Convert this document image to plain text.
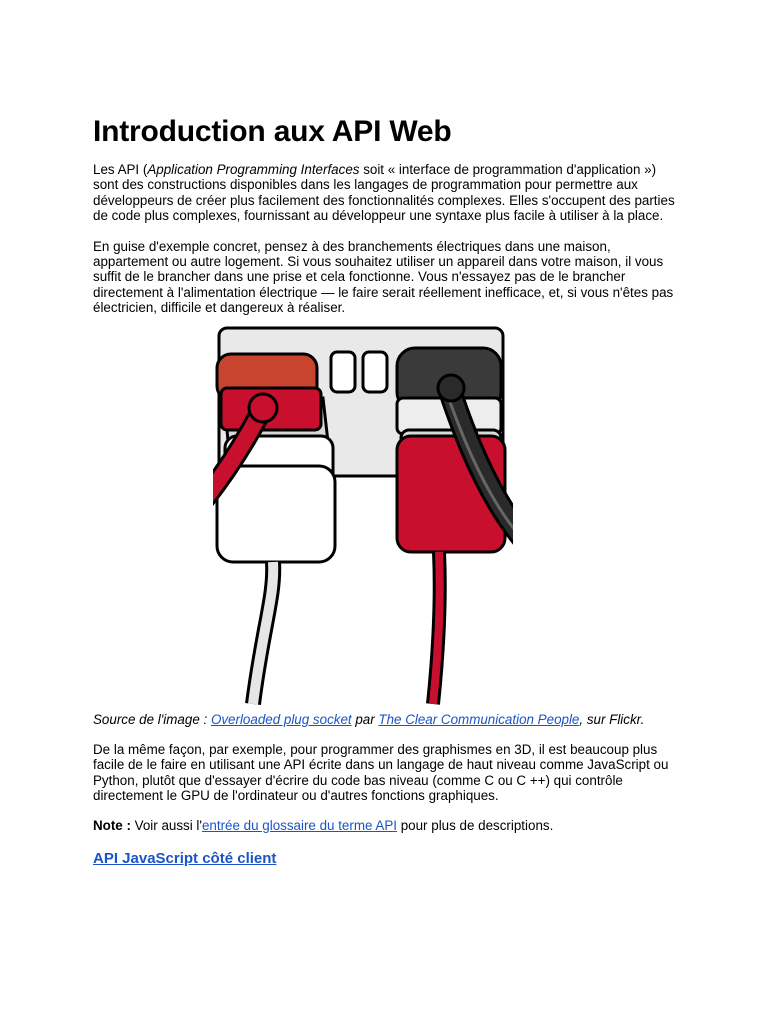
Introduction aux API Web

Les API (Application Programming Interfaces soit « interface de programmation d'application ») sont des constructions disponibles dans les langages de programmation pour permettre aux développeurs de créer plus facilement des fonctionnalités complexes. Elles s'occupent des parties de code plus complexes, fournissant au développeur une syntaxe plus facile à utiliser à la place.

En guise d'exemple concret, pensez à des branchements électriques dans une maison, appartement ou autre logement. Si vous souhaitez utiliser un appareil dans votre maison, il vous suffit de le brancher dans une prise et cela fonctionne. Vous n'essayez pas de le brancher directement à l'alimentation électrique — le faire serait réellement inefficace, et, si vous n'êtes pas électricien, difficile et dangereux à réaliser.

Source de l'image : Overloaded plug socket par The Clear Communication People, sur Flickr.

De la même façon, par exemple, pour programmer des graphismes en 3D, il est beaucoup plus facile de le faire en utilisant une API écrite dans un langage de haut niveau comme JavaScript ou Python, plutôt que d'essayer d'écrire du code bas niveau (comme C ou C ++) qui contrôle directement le GPU de l'ordinateur ou d'autres fonctions graphiques.

Note : Voir aussi l'entrée du glossaire du terme API pour plus de descriptions.

API JavaScript côté client
